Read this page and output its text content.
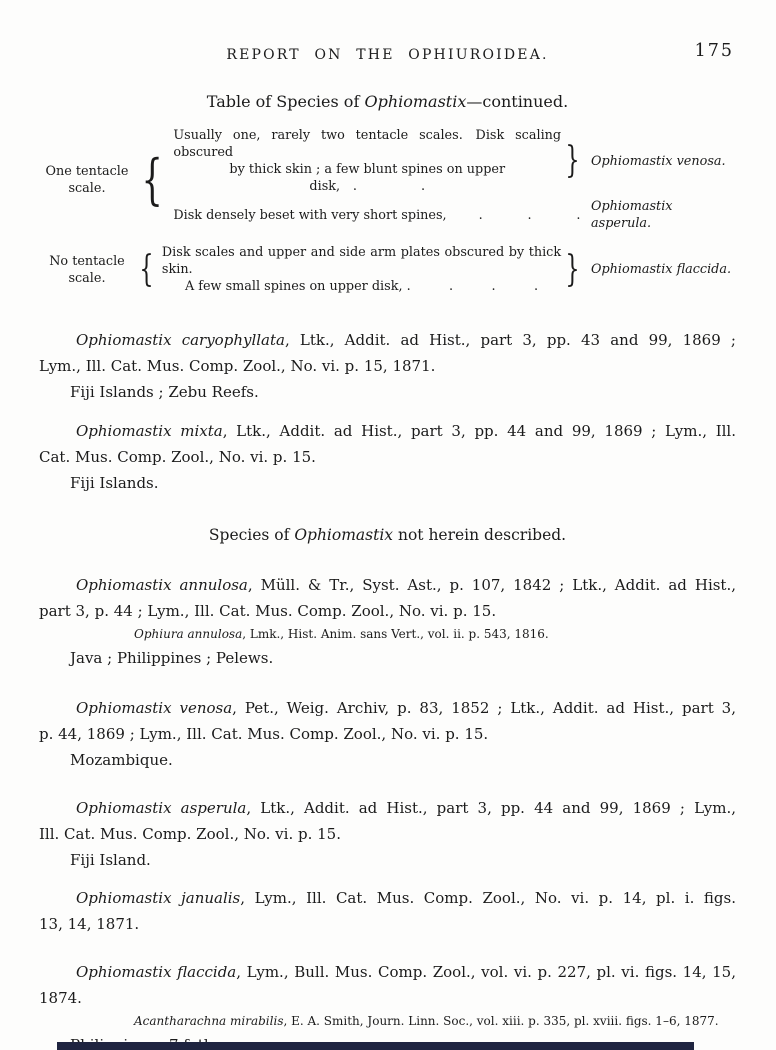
REPORT ON THE OPHIUROIDEA.	175
Table of Species of Ophiomastix—continued.
One tentacle
scale. {
Usually one, rarely two tentacle scales.  Disk scaling obscured
by thick skin ; a few blunt spines on upper disk,  .          .
} Ophiomastix venosa.
Disk densely beset with very short spines,     .       .       .
Ophiomastix asperula.
No tentacle
scale. { Disk scales and upper and side arm plates obscured by thick skin.
A few small spines on upper disk, .      .      .      . } Ophiomastix flaccida.
Ophiomastix caryophyllata, Ltk., Addit. ad Hist., part 3, pp. 43 and 99, 1869 ;
Lym., Ill. Cat. Mus. Comp. Zool., No. vi. p. 15, 1871.
Fiji Islands ; Zebu Reefs.
Ophiomastix mixta, Ltk., Addit. ad Hist., part 3, pp. 44 and 99, 1869 ; Lym., Ill.
Cat. Mus. Comp. Zool., No. vi. p. 15.
Fiji Islands.
Species of Ophiomastix not herein described.
Ophiomastix annulosa, Müll. & Tr., Syst. Ast., p. 107, 1842 ; Ltk., Addit. ad Hist.,
part 3, p. 44 ; Lym., Ill. Cat. Mus. Comp. Zool., No. vi. p. 15.
Ophiura annulosa, Lmk., Hist. Anim. sans Vert., vol. ii. p. 543, 1816.
Java ; Philippines ; Pelews.
Ophiomastix venosa, Pet., Weig. Archiv, p. 83, 1852 ; Ltk., Addit. ad Hist., part 3,
p. 44, 1869 ; Lym., Ill. Cat. Mus. Comp. Zool., No. vi. p. 15.
Mozambique.
Ophiomastix asperula, Ltk., Addit. ad Hist., part 3, pp. 44 and 99, 1869 ; Lym.,
Ill. Cat. Mus. Comp. Zool., No. vi. p. 15.
Fiji Island.
Ophiomastix janualis, Lym., Ill. Cat. Mus. Comp. Zool., No. vi. p. 14, pl. i. figs.
13, 14, 1871.
Ophiomastix flaccida, Lym., Bull. Mus. Comp. Zool., vol. vi. p. 227, pl. vi. figs. 14, 15,
1874.
Acantharachna mirabilis, E. A. Smith, Journ. Linn. Soc., vol. xiii. p. 335, pl. xviii. figs. 1–6, 1877.
